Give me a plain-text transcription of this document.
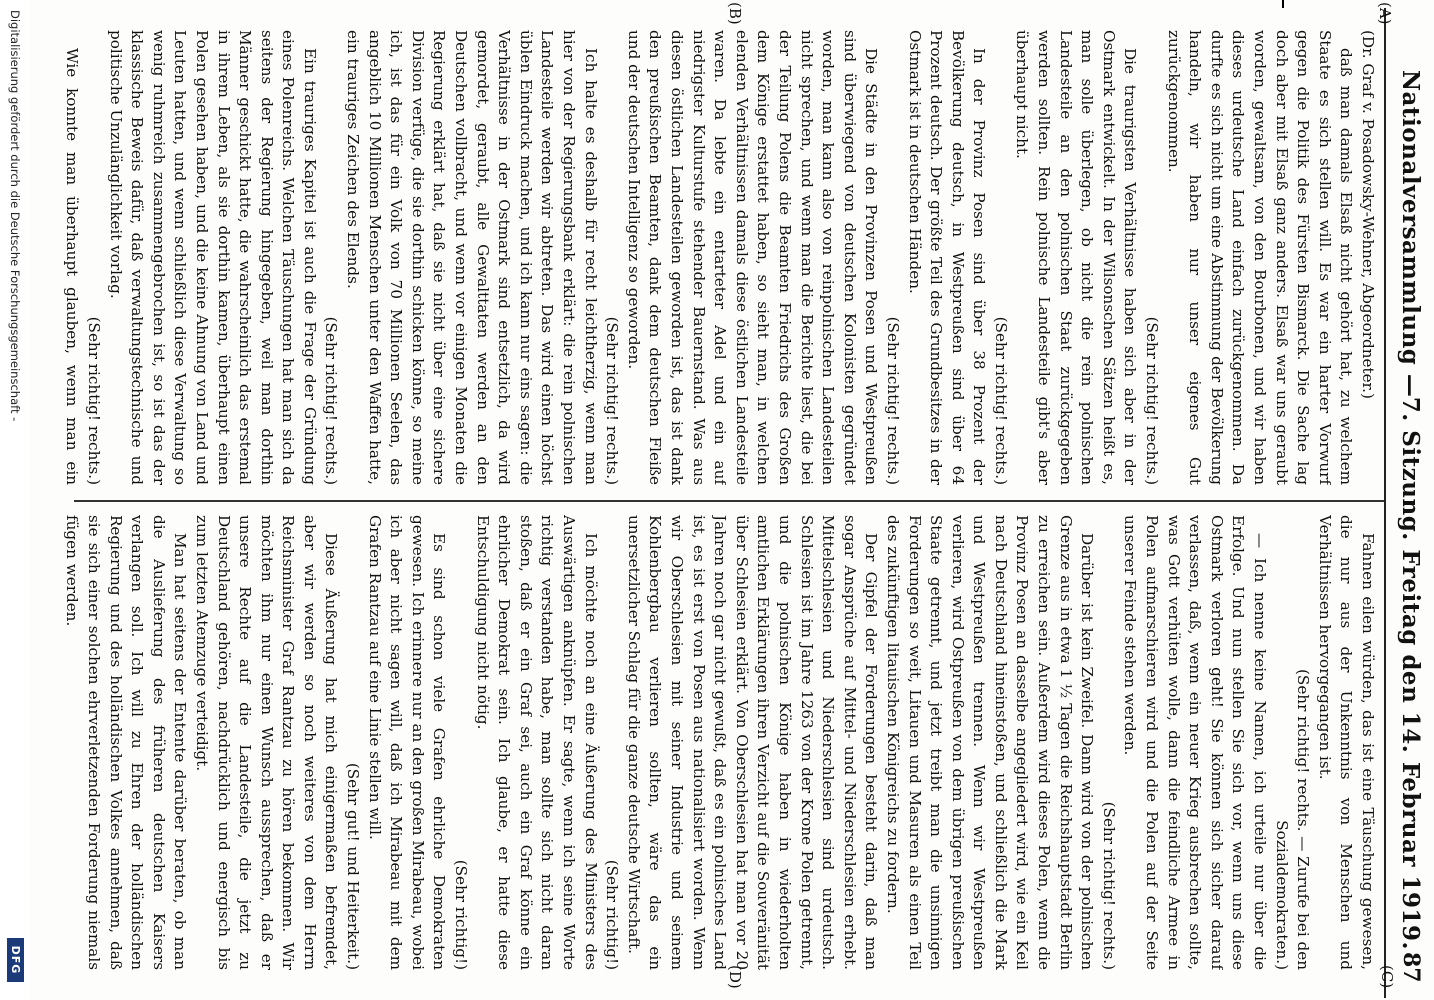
Nationalversammlung —
7. Sitzung. Freitag den 14. Februar 1919.
87
(A)
(B)
(C)
(D)

(Dr. Graf v. Posadowsky-Wehner, Abgeordneter.)

daß man damals Elsaß nicht gehört hat, zu welchem Staate es sich stellen will. Es war ein harter Vorwurf gegen die Politik des Fürsten Bismarck. Die Sache lag doch aber mit Elsaß ganz anders. Elsaß war uns geraubt worden, gewaltsam, von den Bourbonen, und wir haben dieses urdeutsche Land einfach zurückgenommen. Da durfte es sich nicht um eine Abstimmung der Bevölkerung handeln, wir haben nur unser eigenes Gut zurückgenommen.

(Sehr richtig! rechts.)

Die traurigsten Verhältnisse haben sich aber in der Ostmark entwickelt. In der Wilsonschen Sätzen heißt es, man solle überlegen, ob nicht die rein polnischen Landesteile an den polnischen Staat zurückgegeben werden sollten. Rein polnische Landesteile gibt's aber überhaupt nicht.

(Sehr richtig! rechts.)

In der Provinz Posen sind über 38 Prozent der Bevölkerung deutsch, in Westpreußen sind über 64 Prozent deutsch. Der größte Teil des Grundbesitzes in der Ostmark ist in deutschen Händen.

(Sehr richtig! rechts.)

Die Städte in den Provinzen Posen und Westpreußen sind überwiegend von deutschen Kolonisten gegründet worden, man kann also von reinpolnischen Landesteilen nicht sprechen, und wenn man die Berichte liest, die bei der Teilung Polens die Beamten Friedrichs des Großen dem Könige erstattet haben, so sieht man, in welchen elenden Verhältnissen damals diese östlichen Landesteile waren. Da lebte ein entarteter Adel und ein auf niedrigster Kulturstufe stehender Bauernstand. Was aus diesen östlichen Landesteilen geworden ist, das ist dank den preußischen Beamten, dank dem deutschen Fleiße und der deutschen Intelligenz so geworden.

(Sehr richtig! rechts.)

Ich halte es deshalb für recht leichtherzig, wenn man hier von der Regierungsbank erklärt: die rein polnischen Landesteile werden wir abtreten. Das wird einen höchst üblen Eindruck machen, und ich kann nur eins sagen: die Verhältnisse in der Ostmark sind entsetzlich, da wird gemordet, geraubt, alle Gewalttaten werden an den Deutschen vollbracht, und wenn vor einigen Monaten die Regierung erklärt hat, daß sie nicht über eine sichere Division verfüge, die sie dorthin schicken könne, so meine ich, ist das für ein Volk von 70 Millionen Seelen, das angeblich 10 Millionen Menschen unter den Waffen hatte, ein trauriges Zeichen des Elends.

(Sehr richtig! rechts.)

Ein trauriges Kapitel ist auch die Frage der Gründung eines Polenreichs. Welchen Täuschungen hat man sich da seitens der Regierung hingegeben, weil man dorthin Männer geschickt hatte, die wahrscheinlich das erstemal in ihrem Leben, als sie dorthin kamen, überhaupt einen Polen gesehen haben, und die keine Ahnung von Land und Leuten hatten, und wenn schließlich diese Verwaltung so wenig ruhmreich zusammengebrochen ist, so ist das der klassische Beweis dafür, daß verwaltungstechnische und politische Unzulänglichkeit vorlag.

(Sehr richtig! rechts.)

Wie konnte man überhaupt glauben, wenn man ein

Fahnen eilen würden, das ist eine Täuschung gewesen, die nur aus der Unkenntnis von Menschen und Verhältnissen hervorgegangen ist.

(Sehr richtig! rechts. — Zurufe bei den Sozialdemokraten.)

— Ich nenne keine Namen, ich urteile nur über die Erfolge. Und nun stellen Sie sich vor, wenn uns diese Ostmark verloren geht! Sie können sich sicher darauf verlassen, daß, wenn ein neuer Krieg ausbrechen sollte, was Gott verhüten wolle, dann die feindliche Armee in Polen aufmarschieren wird und die Polen auf der Seite unserer Feinde stehen werden.

(Sehr richtig! rechts.)

Darüber ist kein Zweifel. Dann wird von der polnischen Grenze aus in etwa 1 ½ Tagen die Reichshauptstadt Berlin zu erreichen sein. Außerdem wird dieses Polen, wenn die Provinz Posen an dasselbe angegliedert wird, wie ein Keil nach Deutschland hineinstoßen, und schließlich die Mark und Westpreußen trennen. Wenn wir Westpreußen verlieren, wird Ostpreußen von dem übrigen preußischen Staate getrennt, und jetzt treibt man die unsinnigen Forderungen so weit, Litauen und Masuren als einen Teil des zukünftigen litauischen Königreichs zu fordern.

Der Gipfel der Forderungen besteht darin, daß man sogar Ansprüche auf Mittel- und Niederschlesien erhebt. Mittelschlesien und Niederschlesien sind urdeutsch. Schlesien ist im Jahre 1263 von der Krone Polen getrennt, und die polnischen Könige haben in wiederholten amtlichen Erklärungen ihren Verzicht auf die Souveränität über Schlesien erklärt. Von Oberschlesien hat man vor 20 Jahren noch gar nicht gewußt, daß es ein polnisches Land ist, es ist erst von Posen aus nationalisiert worden. Wenn wir Oberschlesien mit seiner Industrie und seinem Kohlenbergbau verlieren sollten, wäre das ein unersetzlicher Schlag für die ganze deutsche Wirtschaft.

(Sehr richtig!)

Ich möchte noch an eine Äußerung des Ministers des Auswärtigen anknüpfen. Er sagte, wenn ich seine Worte richtig verstanden habe, man sollte sich nicht daran stoßen, daß er ein Graf sei, auch ein Graf könne ein ehrlicher Demokrat sein. Ich glaube, er hatte diese Entschuldigung nicht nötig.

(Sehr richtig!)

Es sind schon viele Grafen ehrliche Demokraten gewesen. Ich erinnere nur an den großen Mirabeau, wobei ich aber nicht sagen will, daß ich Mirabeau mit dem Grafen Rantzau auf eine Linie stellen will.

(Sehr gut! und Heiterkeit.)

Diese Äußerung hat mich einigermaßen befremdet, aber wir werden so noch weiteres von dem Herrn Reichsminister Graf Rantzau zu hören bekommen. Wir möchten ihm nur einen Wunsch aussprechen, daß er unsere Rechte auf die Landesteile, die jetzt zu Deutschland gehören, nachdrücklich und energisch bis zum letzten Atemzuge verteidigt.

Man hat seitens der Entente darüber beraten, ob man die Auslieferung des früheren deutschen Kaisers verlangen soll. Ich will zu Ehren der holländischen Regierung und des holländischen Volkes annehmen, daß sie sich einer solchen ehrverletzenden Forderung niemals fügen werden.

Digitalisierung gefördert durch die Deutsche Forschungsgemeinschaft -
DFG
